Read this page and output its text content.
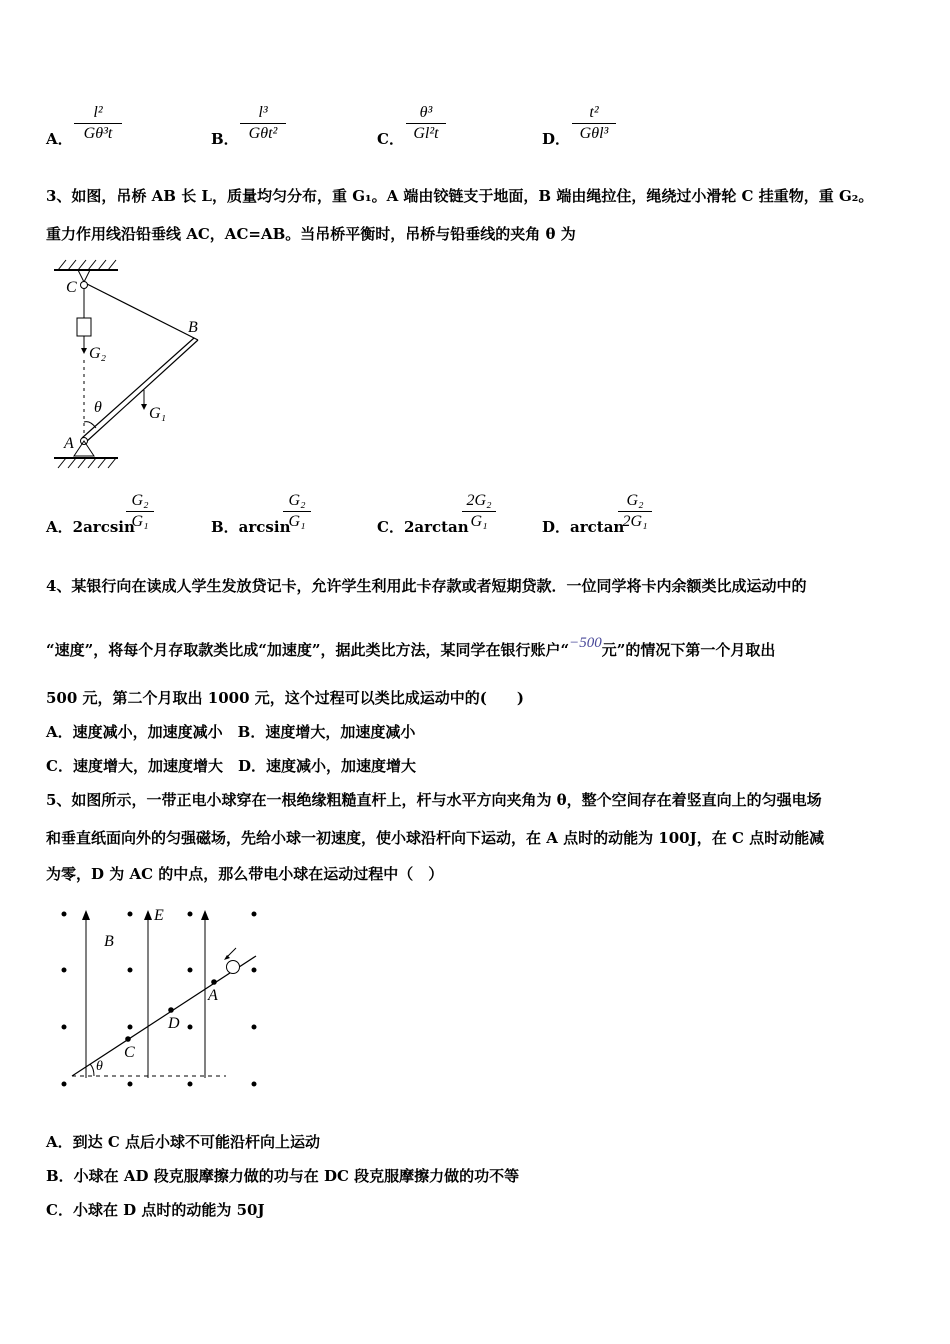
A．
l²
Gθ³t	B．
l³
Gθt²	C．
θ³
Gl²t	D．
t²
Gθl³
3、如图，吊桥 AB 长 L，质量均匀分布，重 G₁。A 端由铰链支于地面，B 端由绳拉住，绳绕过小滑轮 C 挂重物，重 G₂。
重力作用线沿铅垂线 AC，AC=AB。当吊桥平衡时，吊桥与铅垂线的夹角 θ 为
C
B
A
G₂
G₁
θ
A．2arcsin
G₂
G₁	B．arcsin
G₂
G₁	C．2arctan
2G₂
G₁	D．arctan
G₂
2G₁
4、某银行向在读成人学生发放贷记卡，允许学生利用此卡存款或者短期贷款．一位同学将卡内余额类比成运动中的
“速度”，将每个月存取款类比成“加速度”，据此类比方法，某同学在银行账户“−500元”的情况下第一个月取出
500 元，第二个月取出 1000 元，这个过程可以类比成运动中的(　　)
A．速度减小，加速度减小　B．速度增大，加速度减小
C．速度增大，加速度增大　D．速度减小，加速度增大
5、如图所示，一带正电小球穿在一根绝缘粗糙直杆上，杆与水平方向夹角为 θ，整个空间存在着竖直向上的匀强电场
和垂直纸面向外的匀强磁场，先给小球一初速度，使小球沿杆向下运动，在 A 点时的动能为 100J，在 C 点时动能减
为零，D 为 AC 的中点，那么带电小球在运动过程中（　）
B
E
A
D
C
θ
A．到达 C 点后小球不可能沿杆向上运动
B．小球在 AD 段克服摩擦力做的功与在 DC 段克服摩擦力做的功不等
C．小球在 D 点时的动能为 50J
